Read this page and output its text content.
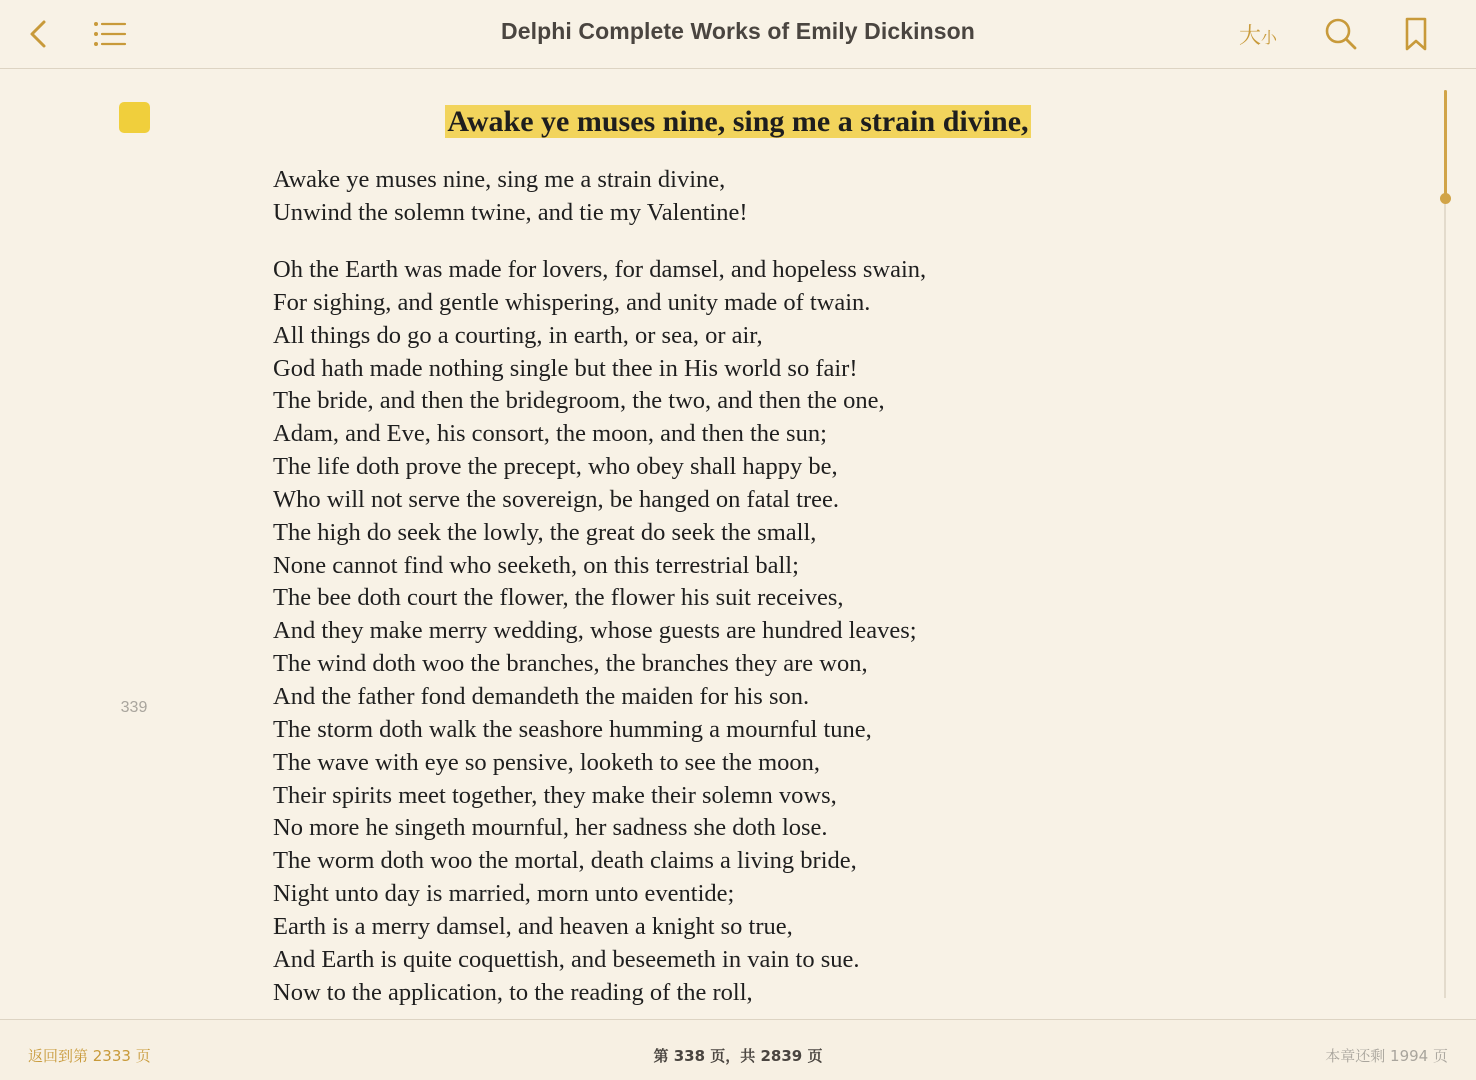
Delphi Complete Works of Emily Dickinson	大小
Awake ye muses nine, sing me a strain divine,
Awake ye muses nine, sing me a strain divine,
Unwind the solemn twine, and tie my Valentine!
Oh the Earth was made for lovers, for damsel, and hopeless swain,
For sighing, and gentle whispering, and unity made of twain.
All things do go a courting, in earth, or sea, or air,
God hath made nothing single but thee in His world so fair!
The bride, and then the bridegroom, the two, and then the one,
Adam, and Eve, his consort, the moon, and then the sun;
The life doth prove the precept, who obey shall happy be,
Who will not serve the sovereign, be hanged on fatal tree.
The high do seek the lowly, the great do seek the small,
None cannot find who seeketh, on this terrestrial ball;
The bee doth court the flower, the flower his suit receives,
And they make merry wedding, whose guests are hundred leaves;
The wind doth woo the branches, the branches they are won,
And the father fond demandeth the maiden for his son.
The storm doth walk the seashore humming a mournful tune,
The wave with eye so pensive, looketh to see the moon,
Their spirits meet together, they make their solemn vows,
No more he singeth mournful, her sadness she doth lose.
The worm doth woo the mortal, death claims a living bride,
Night unto day is married, morn unto eventide;
Earth is a merry damsel, and heaven a knight so true,
And Earth is quite coquettish, and beseemeth in vain to sue.
Now to the application, to the reading of the roll,
339
返回到第 2333 页	第 338 页，共 2839 页	本章还剩 1994 页
